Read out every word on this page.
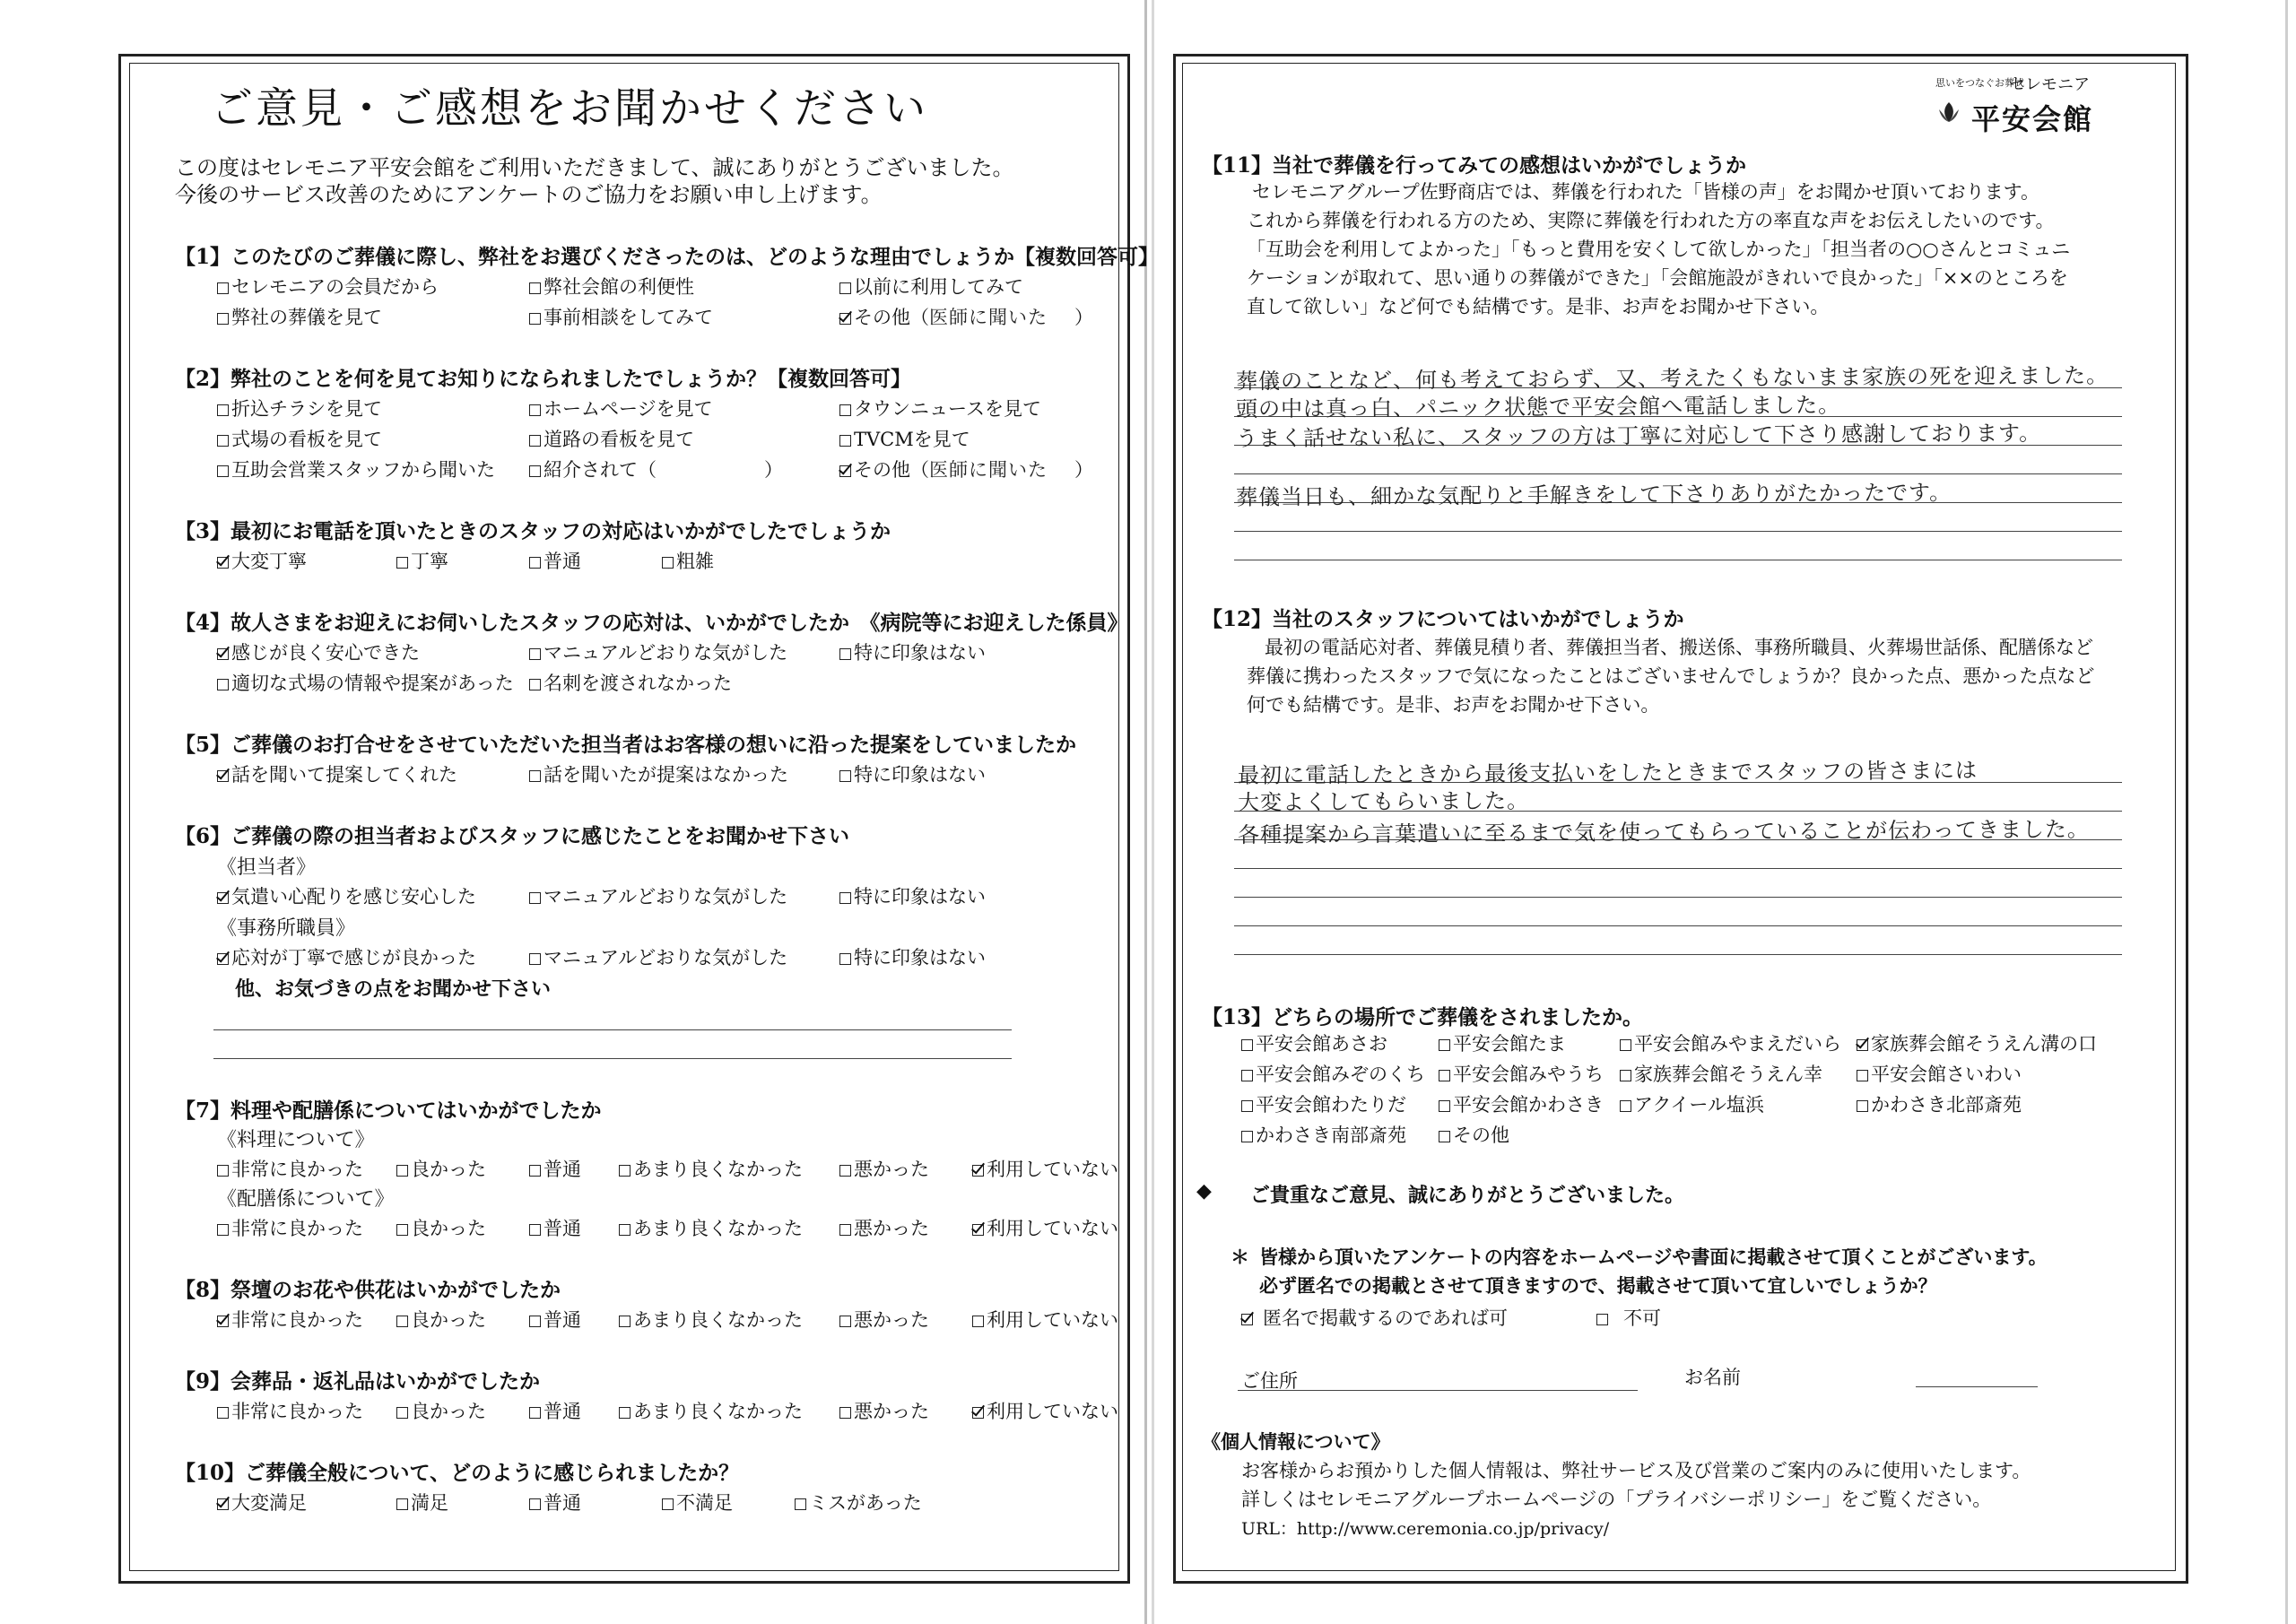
ご意見・ご感想をお聞かせください
この度はセレモニア平安会館をご利用いただきまして、誠にありがとうございました。
今後のサービス改善のためにアンケートのご協力をお願い申し上げます。
【1】このたびのご葬儀に際し、弊社をお選びくださったのは、どのような理由でしょうか【複数回答可】
セレモニアの会員だから	弊社会館の利便性	以前に利用してみて
弊社の葬儀を見て	事前相談をしてみて	その他（医師に聞いた ）
【2】弊社のことを何を見てお知りになられましたでしょうか？【複数回答可】
折込チラシを見て	ホームページを見て	タウンニュースを見て
式場の看板を見て	道路の看板を見て	TVCMを見て
互助会営業スタッフから聞いた	紹介されて（	）	その他（医師に聞いた ）
【3】最初にお電話を頂いたときのスタッフの対応はいかがでしたでしょうか
大変丁寧	丁寧	普通	粗雑
【4】故人さまをお迎えにお伺いしたスタッフの応対は、いかがでしたか　《病院等にお迎えした係員》
感じが良く安心できた	マニュアルどおりな気がした	特に印象はない
適切な式場の情報や提案があった	名刺を渡されなかった
【5】ご葬儀のお打合せをさせていただいた担当者はお客様の想いに沿った提案をしていましたか
話を聞いて提案してくれた	話を聞いたが提案はなかった	特に印象はない
【6】ご葬儀の際の担当者およびスタッフに感じたことをお聞かせ下さい
《担当者》
気遣い心配りを感じ安心した	マニュアルどおりな気がした	特に印象はない
《事務所職員》
応対が丁寧で感じが良かった	マニュアルどおりな気がした	特に印象はない
他、お気づきの点をお聞かせ下さい
【7】料理や配膳係についてはいかがでしたか
《料理について》
非常に良かった	良かった	普通	あまり良くなかった	悪かった	利用していない
《配膳係について》
非常に良かった	良かった	普通	あまり良くなかった	悪かった	利用していない
【8】祭壇のお花や供花はいかがでしたか
非常に良かった	良かった	普通	あまり良くなかった	悪かった	利用していない
【9】会葬品・返礼品はいかがでしたか
非常に良かった	良かった	普通	あまり良くなかった	悪かった	利用していない
【10】ご葬儀全般について、どのように感じられましたか？
大変満足	満足	普通	不満足	ミスがあった
思いをつなぐお葬式
セレモニア
平安会館
【11】当社で葬儀を行ってみての感想はいかがでしょうか
セレモニアグループ佐野商店では、葬儀を行われた「皆様の声」をお聞かせ頂いております。
これから葬儀を行われる方のため、実際に葬儀を行われた方の率直な声をお伝えしたいのです。
「互助会を利用してよかった」「もっと費用を安くして欲しかった」「担当者の○○さんとコミュニ
ケーションが取れて、思い通りの葬儀ができた」「会館施設がきれいで良かった」「××のところを
直して欲しい」など何でも結構です。是非、お声をお聞かせ下さい。
葬儀のことなど、何も考えておらず、又、考えたくもないまま家族の死を迎えました。
頭の中は真っ白、パニック状態で平安会館へ電話しました。
うまく話せない私に、スタッフの方は丁寧に対応して下さり感謝しております。
葬儀当日も、細かな気配りと手解きをして下さりありがたかったです。
【12】当社のスタッフについてはいかがでしょうか
最初の電話応対者、葬儀見積り者、葬儀担当者、搬送係、事務所職員、火葬場世話係、配膳係など
葬儀に携わったスタッフで気になったことはございませんでしょうか？良かった点、悪かった点など
何でも結構です。是非、お声をお聞かせ下さい。
最初に電話したときから最後支払いをしたときまでスタッフの皆さまには
大変よくしてもらいました。
各種提案から言葉遣いに至るまで気を使ってもらっていることが伝わってきました。
【13】どちらの場所でご葬儀をされましたか。
平安会館あさお	平安会館たま	平安会館みやまえだいら	家族葬会館そうえん溝の口
平安会館みぞのくち	平安会館みやうち	家族葬会館そうえん幸	平安会館さいわい
平安会館わたりだ	平安会館かわさき	アクイール塩浜	かわさき北部斎苑
かわさき南部斎苑	その他
◆ ご貴重なご意見、誠にありがとうございました。
＊ 皆様から頂いたアンケートの内容をホームページや書面に掲載させて頂くことがございます。
必ず匿名での掲載とさせて頂きますので、掲載させて頂いて宜しいでしょうか？
匿名で掲載するのであれば可	不可
ご住所	お名前
《個人情報について》
お客様からお預かりした個人情報は、弊社サービス及び営業のご案内のみに使用いたします。
詳しくはセレモニアグループホームページの「プライバシーポリシー」をご覧ください。
URL：http://www.ceremonia.co.jp/privacy/
